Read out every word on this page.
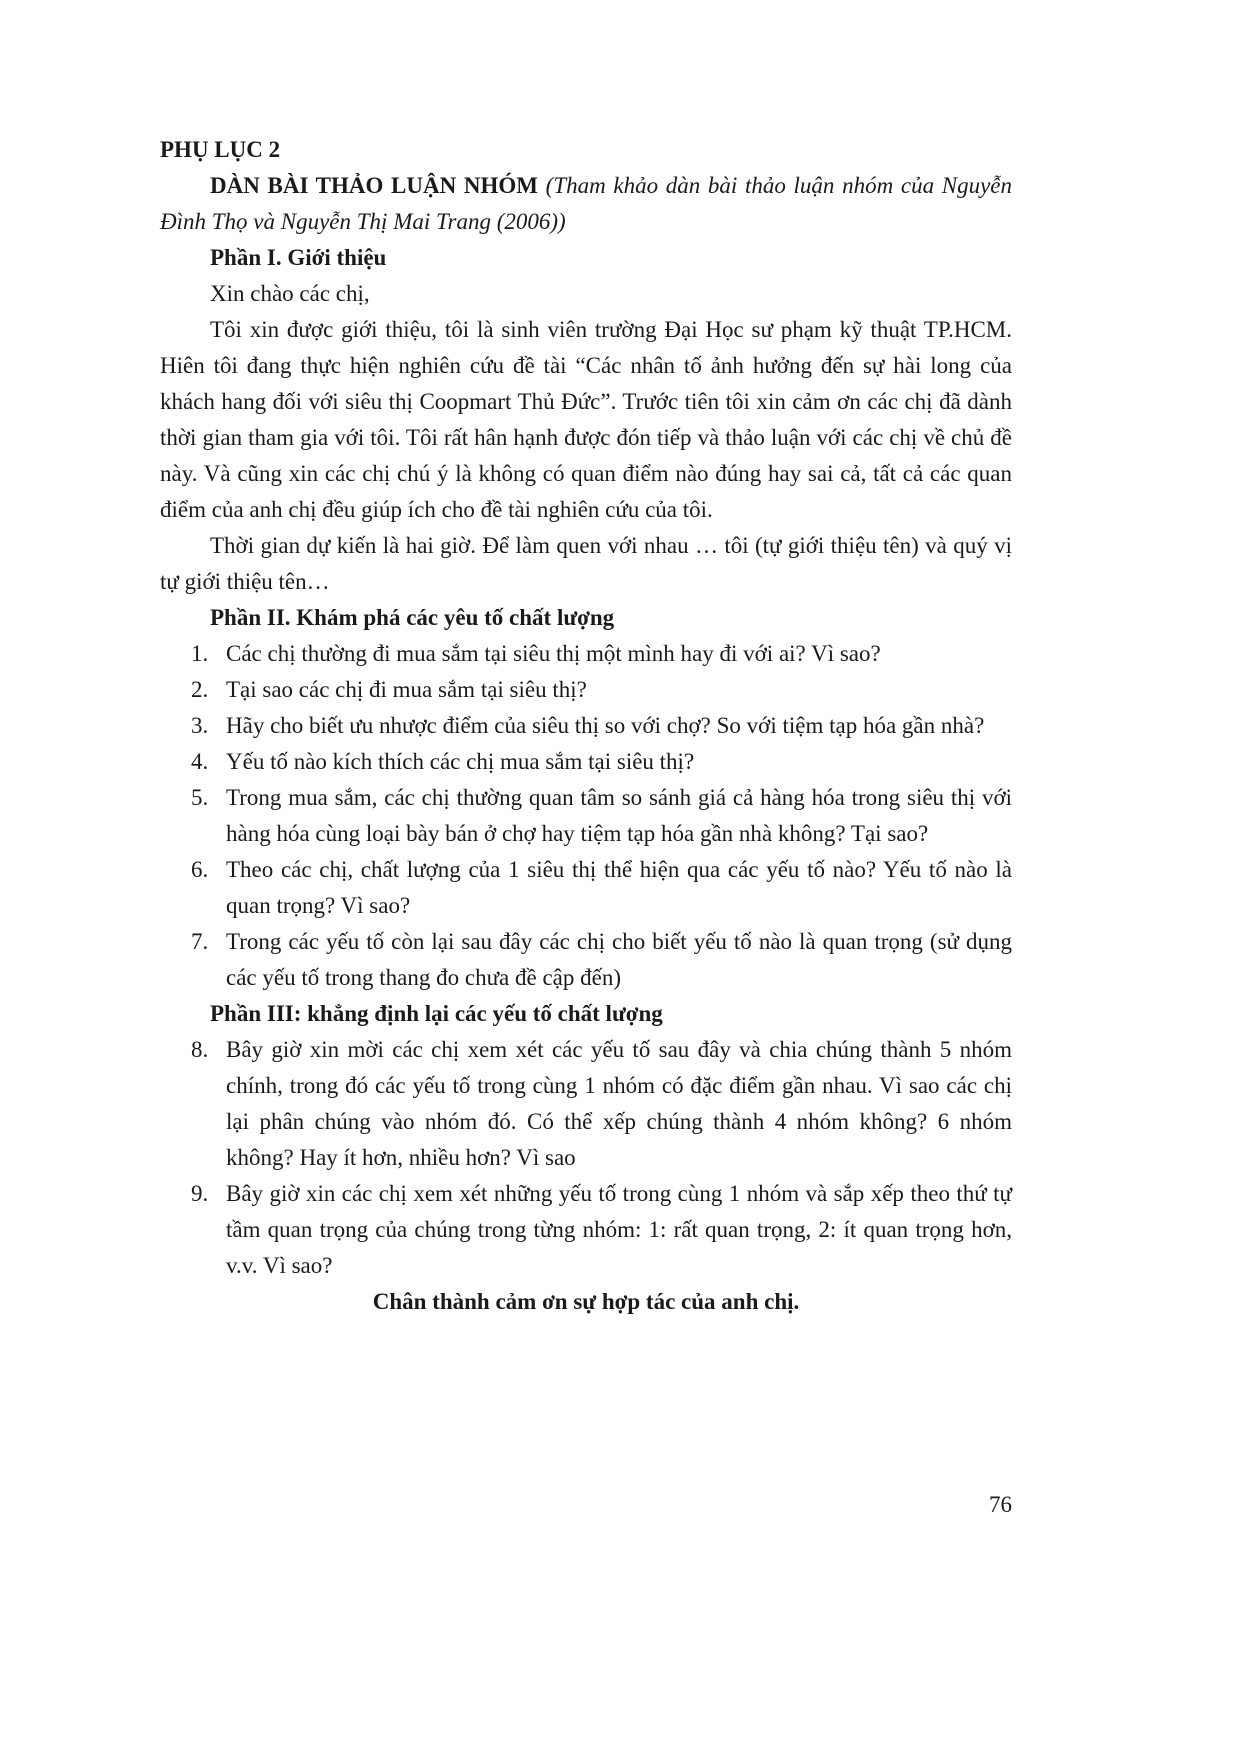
PHỤ LỤC 2

DÀN BÀI THẢO LUẬN NHÓM (Tham khảo dàn bài thảo luận nhóm của Nguyễn Đình Thọ và Nguyễn Thị Mai Trang (2006))

Phần I. Giới thiệu

Xin chào các chị,

Tôi xin được giới thiệu, tôi là sinh viên trường Đại Học sư phạm kỹ thuật TP.HCM. Hiên tôi đang thực hiện nghiên cứu đề tài “Các nhân tố ảnh hưởng đến sự hài long của khách hang đối với siêu thị Coopmart Thủ Đức”. Trước tiên tôi xin cảm ơn các chị đã dành thời gian tham gia với tôi. Tôi rất hân hạnh được đón tiếp và thảo luận với các chị về chủ đề này. Và cũng xin các chị chú ý là không có quan điểm nào đúng hay sai cả, tất cả các quan điểm của anh chị đều giúp ích cho đề tài nghiên cứu của tôi.

Thời gian dự kiến là hai giờ. Để làm quen với nhau … tôi (tự giới thiệu tên) và quý vị tự giới thiệu tên…

Phần II. Khám phá các yêu tố chất lượng

1. Các chị thường đi mua sắm tại siêu thị một mình hay đi với ai? Vì sao?
2. Tại sao các chị đi mua sắm tại siêu thị?
3. Hãy cho biết ưu nhược điểm của siêu thị so với chợ? So với tiệm tạp hóa gần nhà?
4. Yếu tố nào kích thích các chị mua sắm tại siêu thị?
5. Trong mua sắm, các chị thường quan tâm so sánh giá cả hàng hóa trong siêu thị với hàng hóa cùng loại bày bán ở chợ hay tiệm tạp hóa gần nhà không? Tại sao?
6. Theo các chị, chất lượng của 1 siêu thị thể hiện qua các yếu tố nào? Yếu tố nào là quan trọng? Vì sao?
7. Trong các yếu tố còn lại sau đây các chị cho biết yếu tố nào là quan trọng (sử dụng các yếu tố trong thang đo chưa đề cập đến)

Phần III: khẳng định lại các yếu tố chất lượng

8. Bây giờ xin mời các chị xem xét các yếu tố sau đây và chia chúng thành 5 nhóm chính, trong đó các yếu tố trong cùng 1 nhóm có đặc điểm gần nhau. Vì sao các chị lại phân chúng vào nhóm đó. Có thể xếp chúng thành 4 nhóm không? 6 nhóm không? Hay ít hơn, nhiều hơn? Vì sao
9. Bây giờ xin các chị xem xét những yếu tố trong cùng 1 nhóm và sắp xếp theo thứ tự tầm quan trọng của chúng trong từng nhóm: 1: rất quan trọng, 2: ít quan trọng hơn, v.v. Vì sao?

Chân thành cảm ơn sự hợp tác của anh chị.

76
